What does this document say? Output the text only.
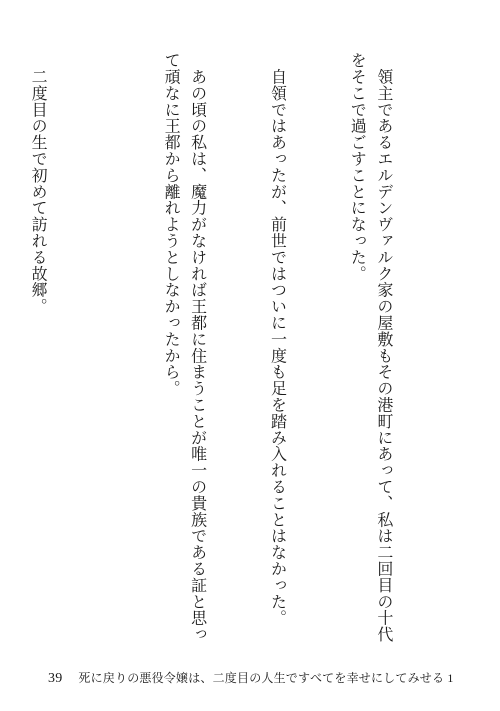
　領主であるエルデンヴァルク家の屋敷もその港町にあって、私は二回目の十代をそこで過ごすことになった。

　自領ではあったが、前世ではついに一度も足を踏み入れることはなかった。

　あの頃の私は、魔力がなければ王都に住まうことが唯一の貴族である証と思って頑なに王都から離れようとしなかったから。

　二度目の生で初めて訪れる故郷。

39 死に戻りの悪役令嬢は、二度目の人生ですべてを幸せにしてみせる 1
